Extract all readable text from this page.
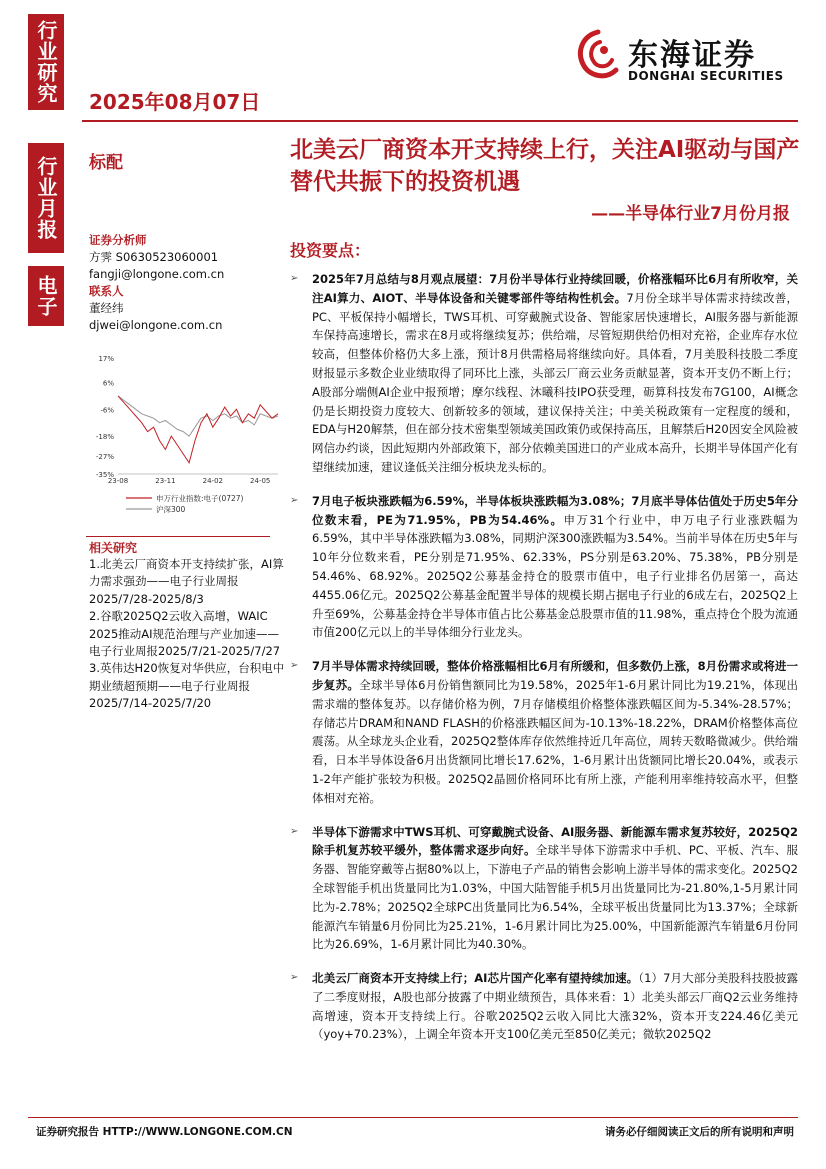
行业研究
行业月报
电子
2025年08月07日
东海证券
DONGHAI SECURITIES
标配	北美云厂商资本开支持续上行，关注AI驱动与国产替代共振下的投资机遇
——半导体行业7月份月报
投资要点：
证券分析师
方霁 S0630523060001
fangji@longone.com.cn
联系人
董经纬
djwei@longone.com.cn
17%
6%
-6%
-18%
-27%
-35%
23-08	23-11	24-02	24-05
申万行业指数:电子(0727)
沪深300
相关研究

1.北美云厂商资本开支持续扩张，AI算力需求强劲——电子行业周报2025/7/28-2025/8/3

2.谷歌2025Q2云收入高增，WAIC 2025推动AI规范治理与产业加速——电子行业周报2025/7/21-2025/7/27

3.英伟达H20恢复对华供应，台积电中期业绩超预期——电子行业周报2025/7/14-2025/7/20

➢ 2025年7月总结与8月观点展望：7月份半导体行业持续回暖，价格涨幅环比6月有所收窄，关注AI算力、AIOT、半导体设备和关键零部件等结构性机会。7月份全球半导体需求持续改善，PC、平板保持小幅增长，TWS耳机、可穿戴腕式设备、智能家居快速增长，AI服务器与新能源车保持高速增长，需求在8月或将继续复苏；供给端，尽管短期供给仍相对充裕，企业库存水位较高，但整体价格仍大多上涨，预计8月供需格局将继续向好。具体看，7月美股科技股二季度财报显示多数企业业绩取得了同环比上涨，头部云厂商云业务贡献显著，资本开支仍不断上行；A股部分端侧AI企业中报预增；摩尔线程、沐曦科技IPO获受理，砺算科技发布7G100，AI概念仍是长期投资力度较大、创新较多的领域，建议保持关注；中美关税政策有一定程度的缓和，EDA与H20解禁，但在部分技术密集型领域美国政策仍或保持高压，且解禁后H20因安全风险被网信办约谈，因此短期内外部政策下，部分依赖美国进口的产业成本高升，长期半导体国产化有望继续加速，建议逢低关注细分板块龙头标的。
➢ 7月电子板块涨跌幅为6.59%，半导体板块涨跌幅为3.08%；7月底半导体估值处于历史5年分位数末看，PE为71.95%，PB为54.46%。申万31个行业中，申万电子行业涨跌幅为6.59%，其中半导体涨跌幅为3.08%，同期沪深300涨跌幅为3.54%。当前半导体在历史5年与10年分位数来看，PE分别是71.95%、62.33%，PS分别是63.20%、75.38%，PB分别是54.46%、68.92%。2025Q2公募基金持仓的股票市值中，电子行业排名仍居第一，高达4455.06亿元。2025Q2公募基金配置半导体的规模长期占据电子行业的6成左右，2025Q2上升至69%，公募基金持仓半导体市值占比公募基金总股票市值的11.98%，重点持仓个股为流通市值200亿元以上的半导体细分行业龙头。
➢ 7月半导体需求持续回暖，整体价格涨幅相比6月有所缓和，但多数仍上涨，8月份需求或将进一步复苏。全球半导体6月份销售额同比为19.58%，2025年1-6月累计同比为19.21%，体现出需求端的整体复苏。以存储价格为例，7月存储模组价格整体涨跌幅区间为-5.34%-28.57%；存储芯片DRAM和NAND FLASH的价格涨跌幅区间为-10.13%-18.22%，DRAM价格整体高位震荡。从全球龙头企业看，2025Q2整体库存依然维持近几年高位，周转天数略微减少。供给端看，日本半导体设备6月出货额同比增长17.62%，1-6月累计出货额同比增长20.04%，或表示1-2年产能扩张较为积极。2025Q2晶圆价格同环比有所上涨，产能利用率维持较高水平，但整体相对充裕。
➢ 半导体下游需求中TWS耳机、可穿戴腕式设备、AI服务器、新能源车需求复苏较好，2025Q2除手机复苏较平缓外，整体需求逐步向好。全球半导体下游需求中手机、PC、平板、汽车、服务器、智能穿戴等占据80%以上，下游电子产品的销售会影响上游半导体的需求变化。2025Q2全球智能手机出货量同比为1.03%，中国大陆智能手机5月出货量同比为-21.80%,1-5月累计同比为-2.78%；2025Q2全球PC出货量同比为6.54%，全球平板出货量同比为13.37%；全球新能源汽车销量6月份同比为25.21%，1-6月累计同比为25.00%，中国新能源汽车销量6月份同比为26.69%，1-6月累计同比为40.30%。
➢ 北美云厂商资本开支持续上行；AI芯片国产化率有望持续加速。（1）7月大部分美股科技股披露了二季度财报，A股也部分披露了中期业绩预告，具体来看：1）北美头部云厂商Q2云业务维持高增速，资本开支持续上行。谷歌2025Q2云收入同比大涨32%，资本开支224.46亿美元（yoy+70.23%），上调全年资本开支100亿美元至850亿美元；微软2025Q2
证券研究报告 HTTP://WWW.LONGONE.COM.CN	请务必仔细阅读正文后的所有说明和声明
